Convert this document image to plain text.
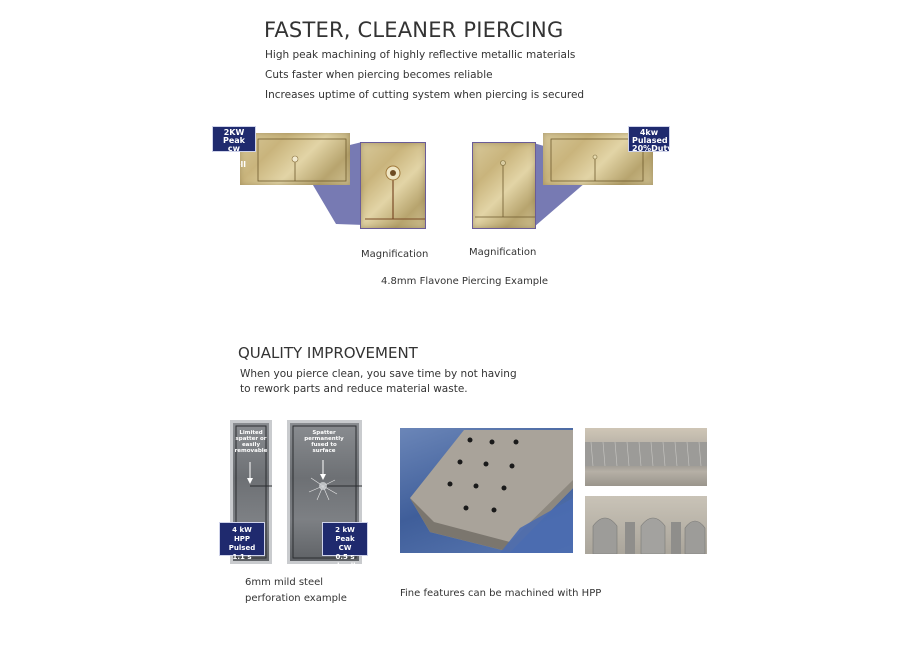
FASTER, CLEANER PIERCING
High peak machining of highly reflective metallic materials
Cuts faster when piercing becomes reliable
Increases uptime of cutting system when piercing is secured
2KW Peak
cw
no dwell
4kw
Pulased
20%Duty
Magnification	Magnification
4.8mm Flavone Piercing Example
QUALITY IMPROVEMENT
When you pierce clean, you save time by not having
to rework parts and reduce material waste.
Limited
spatter or
easily
removable
4 kW HPP
Pulsed
1.1 s
Spatter
permanently
fused to
surface
2 kW Peak
CW
0.5 s dwell
6mm mild steel
perforation example	Fine features can be machined with HPP
